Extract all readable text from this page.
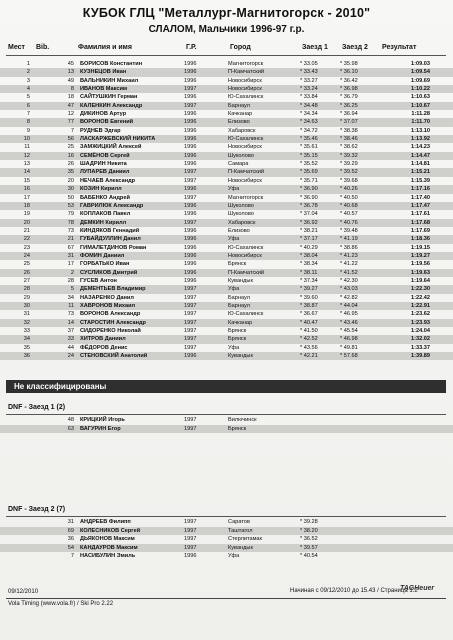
КУБОК ГЛЦ "Металлург-Магнитогорск - 2010"
СЛАЛОМ, Мальчики 1996-97 г.р.
Мест Bib.	Фамилия и имя	Г.Р.	Город	Заезд 1 Заезд 2 Результат
1	45 БОРИСОВ Константин	1996	Магнитогорск	* 33.05	* 35.98	1:09.03
2	13 КУЗНЕЦОВ Иван	1996	П-Камчатский	* 33.43	* 36.10	1:09.54
3	49 ВАЛЬНИКИН Михаил	1996	Новосибирск	* 33.27	* 36.42	1:09.69
4	8 ИВАНОВ Максим	1997	Новосибирск	* 33.24	* 36.98	1:10.22
5	18 САЙТУШКИН Герман	1996	Ю-Сахалинск	* 33.84	* 36.79	1:10.63
6	47 КАЛЕНКИН Александр	1997	Барнаул	* 34.48	* 36.25	1:10.67
7	12 ДИКИНОВ Артур	1996	Качканар	* 34.34	* 36.94	1:11.28
8	77 ВОРОНОВ Евгений	1996	Елизово	* 34.63	* 37.07	1:11.70
9	7 РУДНЕВ Эдгар	1996	Хабаровск	* 34.72	* 38.38	1:13.10
10	56 ЛАСКАРЖЕВСКИЙ НИКИТА	1996	Ю-Сахалинск	* 35.46	* 38.46	1:13.92
11	25 ЗАМЖИЦКИЙ Алексей	1996	Новосибирск	* 35.61	* 38.62	1:14.23
12	16 СЕМЁНОВ Сергей	1996	Шуколово	* 35.15	* 39.32	1:14.47
13	26 ШАДРИН Никита	1996	Самара	* 35.52	* 39.29	1:14.81
14	35 ЛУПАРЕВ Даниил	1997	П-Камчатский	* 35.69	* 39.52	1:15.21
15	20 НЕЧАЕВ Александр	1997	Новосибирск	* 35.71	* 39.68	1:15.39
16	30 КОЗИН Кирилл	1996	Уфа	* 36.90	* 40.26	1:17.16
17	50 БАБЕНКО Андрей	1997	Магнитогорск	* 36.90	* 40.50	1:17.40
18	53 ГАВРИЛЮК Александр	1996	Шуколово	* 36.78	* 40.68	1:17.47
19	79 КОПЛАКОВ Павел	1996	Шуколово	* 37.04	* 40.57	1:17.61
20	78 ДЕМКИН Кирилл	1997	Хабаровск	* 36.92	* 40.76	1:17.68
21	73 КИНДЯКОВ Геннадий	1996	Елизово	* 38.21	* 39.48	1:17.69
22	21 ГУБАЙДУЛЛИН Данил	1996	Уфа	* 37.17	* 41.19	1:18.36
23	67 ГИМАЛЕТДИНОВ Роман	1996	Ю-Сахалинск	* 40.29	* 38.86	1:19.15
24	31 ФОМИН Даниил	1996	Новосибирск	* 38.04	* 41.23	1:19.27
25	17 ГОРБАТЬКО Иван	1996	Брянск	* 38.34	* 41.22	1:19.56
26	2 СУСЛИКОВ Дмитрий	1996	П-Камчатский	* 38.11	* 41.52	1:19.63
27	28 ГУСЕВ Антон	1996	Кувандык	* 37.34	* 42.30	1:19.64
28	5 ДЕМЕНТЬЕВ Владимир	1997	Уфа	* 39.27	* 43.03	1:22.30
29	34 НАЗАРЕНКО Данил	1997	Барнаул	* 39.60	* 42.82	1:22.42
30	11 ХАВРОНОВ Михаил	1997	Барнаул	* 38.87	* 44.04	1:22.91
31	73 ВОРОНОВ Александр	1997	Ю-Сахалинск	* 36.67	* 46.95	1:23.62
32	14 СТАРОСТИН Александр	1997	Качканар	* 40.47	* 43.46	1:23.93
33	37 СИДОРЕНКО Николай	1997	Брянск	* 41.50	* 45.54	1:24.04
34	33 ХИТРОВ Даниил	1997	Брянск	* 42.52	* 46.98	1:32.02
35	44 ФЁДОРОВ Денис	1997	Уфа	* 43.56	* 49.81	1:33.37
36	24 СТЕНОВСКИЙ Анатолий	1996	Кувандык	* 42.21	* 57.68	1:39.89
Не классифицированы
DNF - Заезд 1 (2)
48 КРИЦКИЙ Игорь	1997	Вилючинск
63 ВАГУРИН Егор	1997	Брянск
DNF - Заезд 2 (7)
31 АНДРЕЕВ Филипп	1997	Саратов	* 39.28
69 КОЛЕСНИКОВ Сергей	1997	Таштагол	* 38.20
36 ДЬЯКОНОВ Максим	1997	Стерлитамак	* 36.52
54 КАНДАУРОВ Максим	1997	Кувандык	* 39.57
7 НАСИБУЛИН Эмиль	1996	Уфа	* 40.54
09/12/2010	Начиная с 09/12/2010 до 15.43 / Страница 1.2
TAGHeuer
Vola Timing (www.vola.fr) / Ski Pro 2.22
